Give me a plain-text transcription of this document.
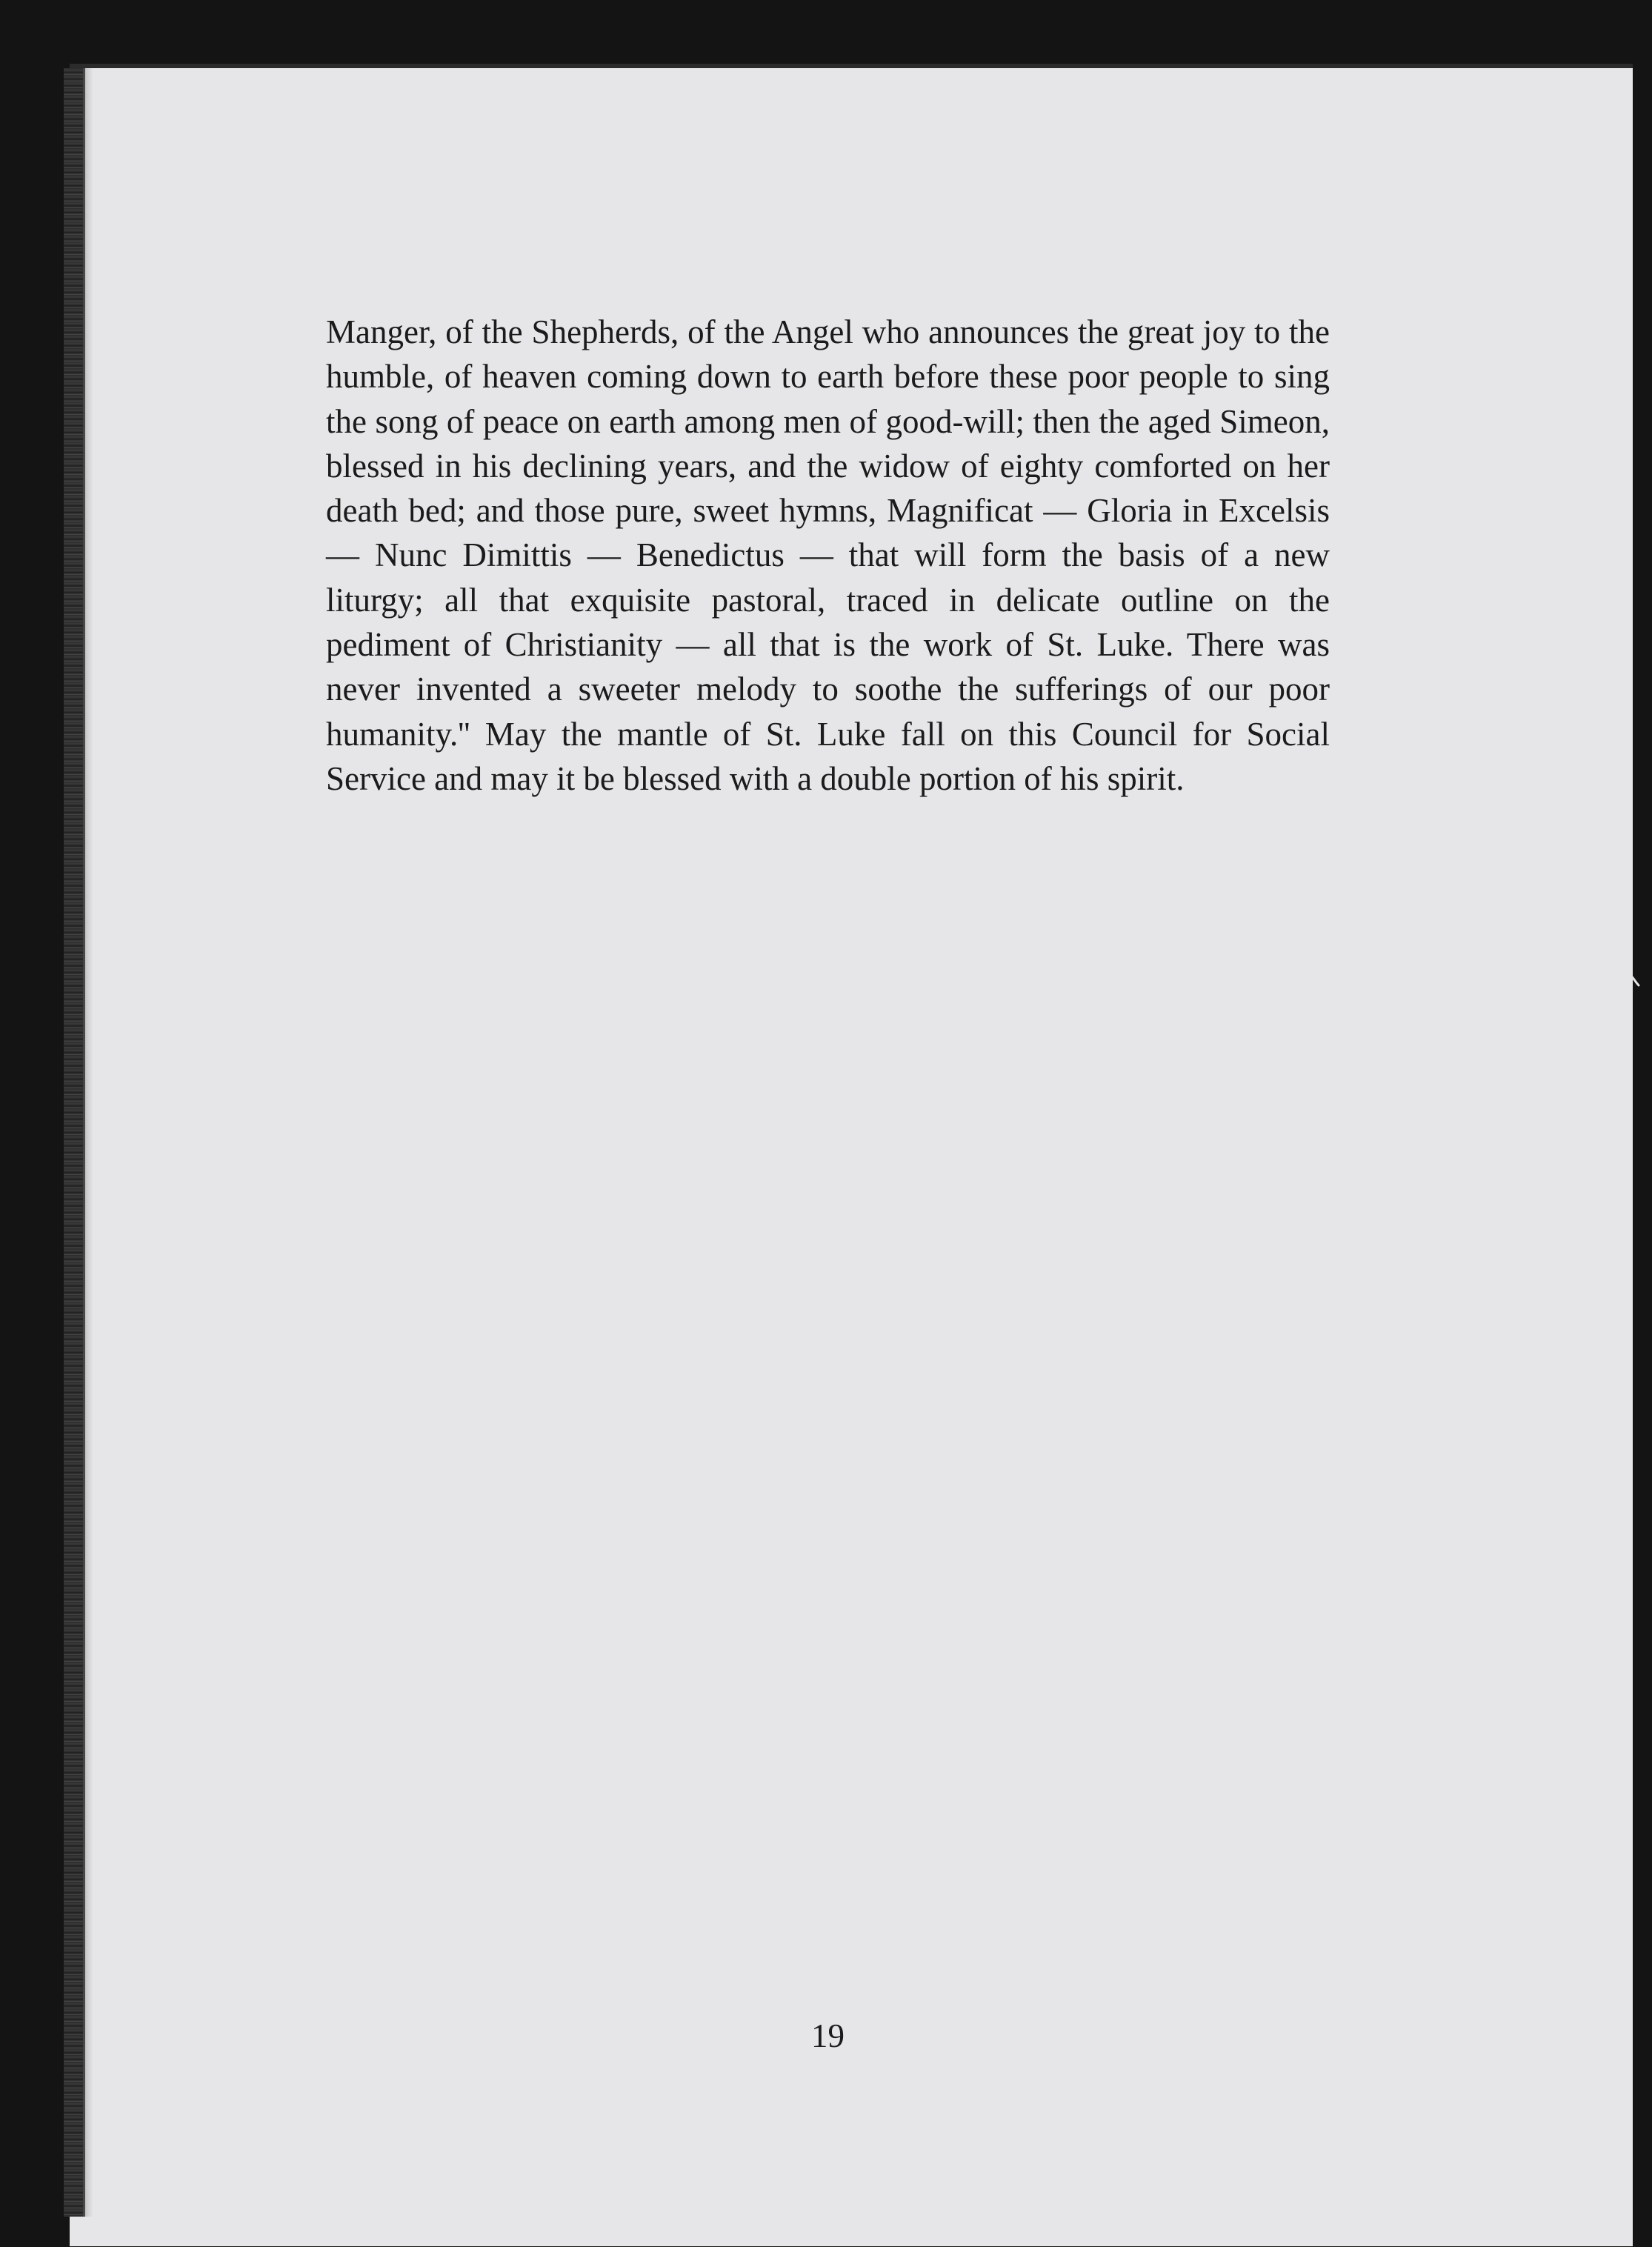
Manger, of the Shepherds, of the Angel who announces the great joy to the humble, of heaven coming down to earth before these poor people to sing the song of peace on earth among men of good-will; then the aged Simeon, blessed in his declining years, and the widow of eighty comforted on her death bed; and those pure, sweet hymns, Magnificat — Gloria in Excelsis — Nunc Dimittis — Benedictus — that will form the basis of a new liturgy; all that exquisite pastoral, traced in delicate outline on the pediment of Christianity — all that is the work of St. Luke. There was never invented a sweeter melody to soothe the sufferings of our poor humanity.'' May the mantle of St. Luke fall on this Council for Social Service and may it be blessed with a double portion of his spirit.

19
